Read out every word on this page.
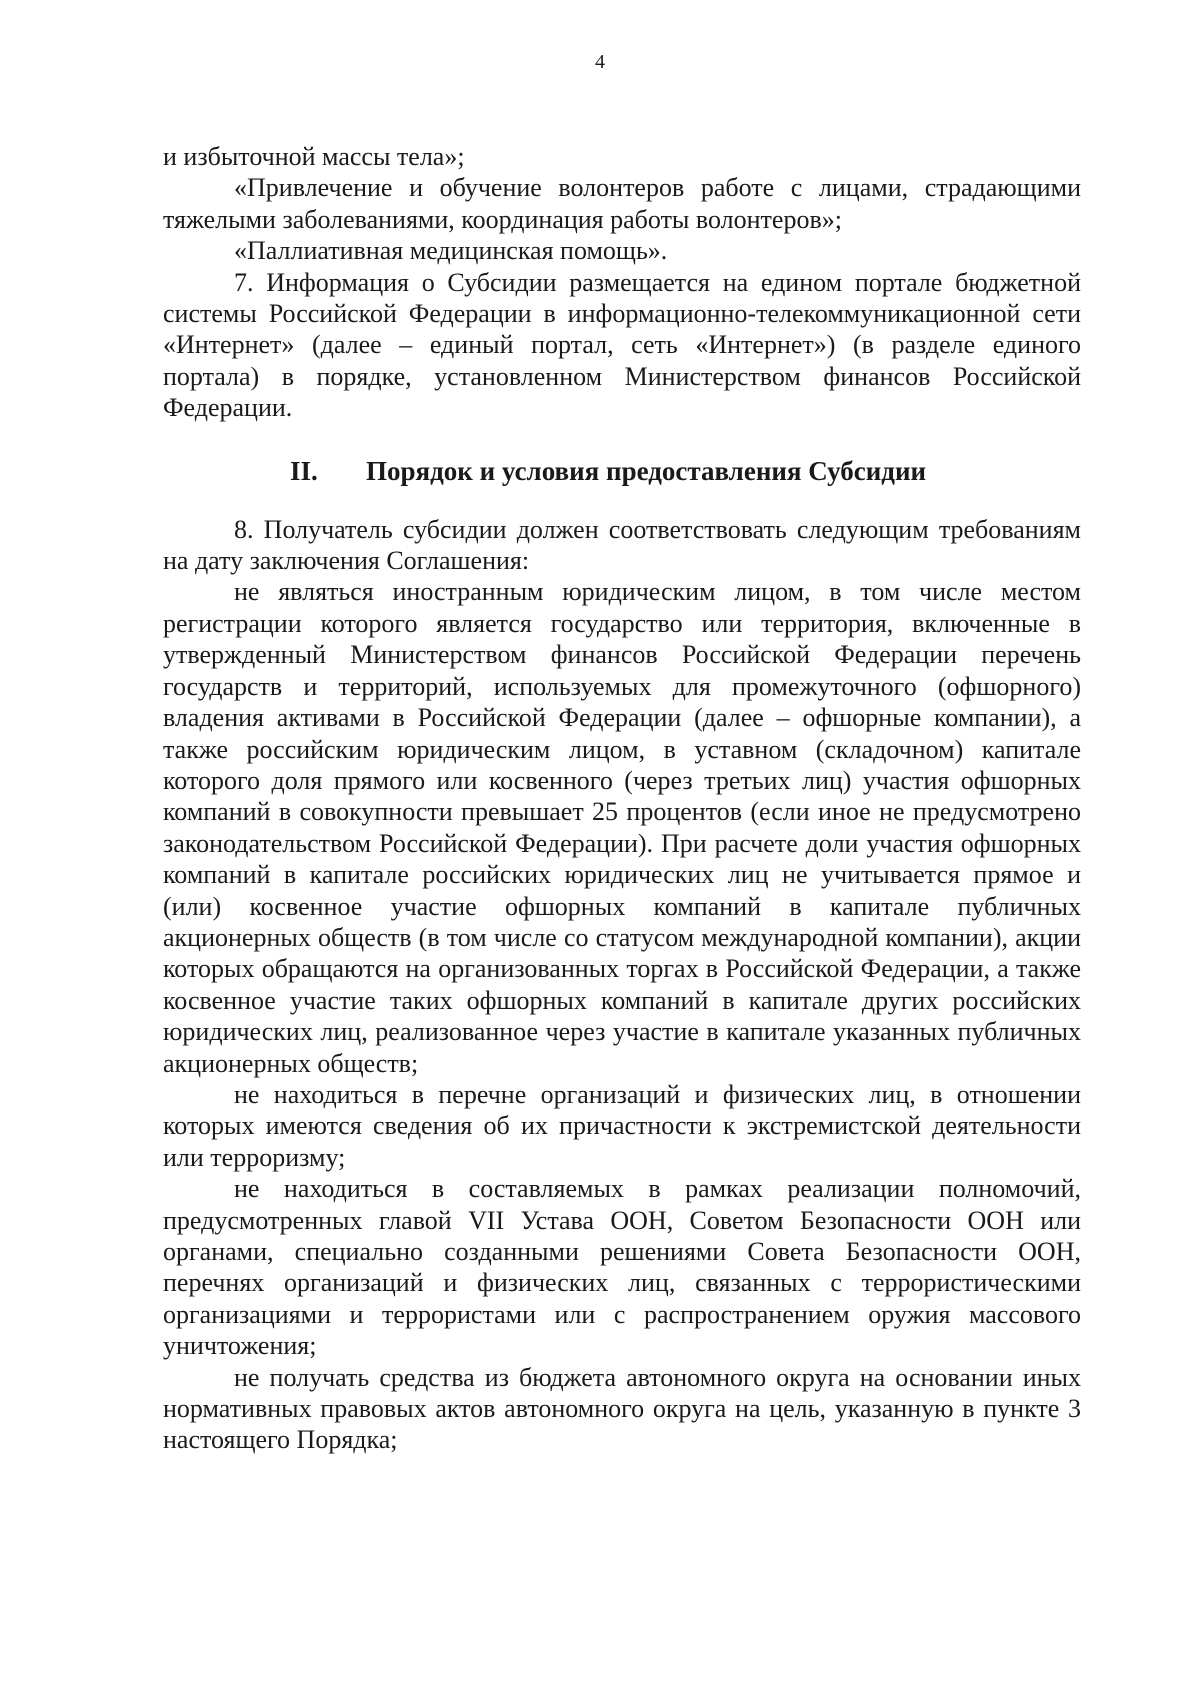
4

и избыточной массы тела»;

«Привлечение и обучение волонтеров работе с лицами, страдающими тяжелыми заболеваниями, координация работы волонтеров»;

«Паллиативная медицинская помощь».

7. Информация о Субсидии размещается на едином портале бюджетной системы Российской Федерации в информационно-телекоммуникационной сети «Интернет» (далее – единый портал, сеть «Интернет») (в разделе единого портала) в порядке, установленном Министерством финансов Российской Федерации.

II. Порядок и условия предоставления Субсидии

8. Получатель субсидии должен соответствовать следующим требованиям на дату заключения Соглашения:

не являться иностранным юридическим лицом, в том числе местом регистрации которого является государство или территория, включенные в утвержденный Министерством финансов Российской Федерации перечень государств и территорий, используемых для промежуточного (офшорного) владения активами в Российской Федерации (далее – офшорные компании), а также российским юридическим лицом, в уставном (складочном) капитале которого доля прямого или косвенного (через третьих лиц) участия офшорных компаний в совокупности превышает 25 процентов (если иное не предусмотрено законодательством Российской Федерации). При расчете доли участия офшорных компаний в капитале российских юридических лиц не учитывается прямое и (или) косвенное участие офшорных компаний в капитале публичных акционерных обществ (в том числе со статусом международной компании), акции которых обращаются на организованных торгах в Российской Федерации, а также косвенное участие таких офшорных компаний в капитале других российских юридических лиц, реализованное через участие в капитале указанных публичных акционерных обществ;

не находиться в перечне организаций и физических лиц, в отношении которых имеются сведения об их причастности к экстремистской деятельности или терроризму;

не находиться в составляемых в рамках реализации полномочий, предусмотренных главой VII Устава ООН, Советом Безопасности ООН или органами, специально созданными решениями Совета Безопасности ООН, перечнях организаций и физических лиц, связанных с террористическими организациями и террористами или с распространением оружия массового уничтожения;

не получать средства из бюджета автономного округа на основании иных нормативных правовых актов автономного округа на цель, указанную в пункте 3 настоящего Порядка;
